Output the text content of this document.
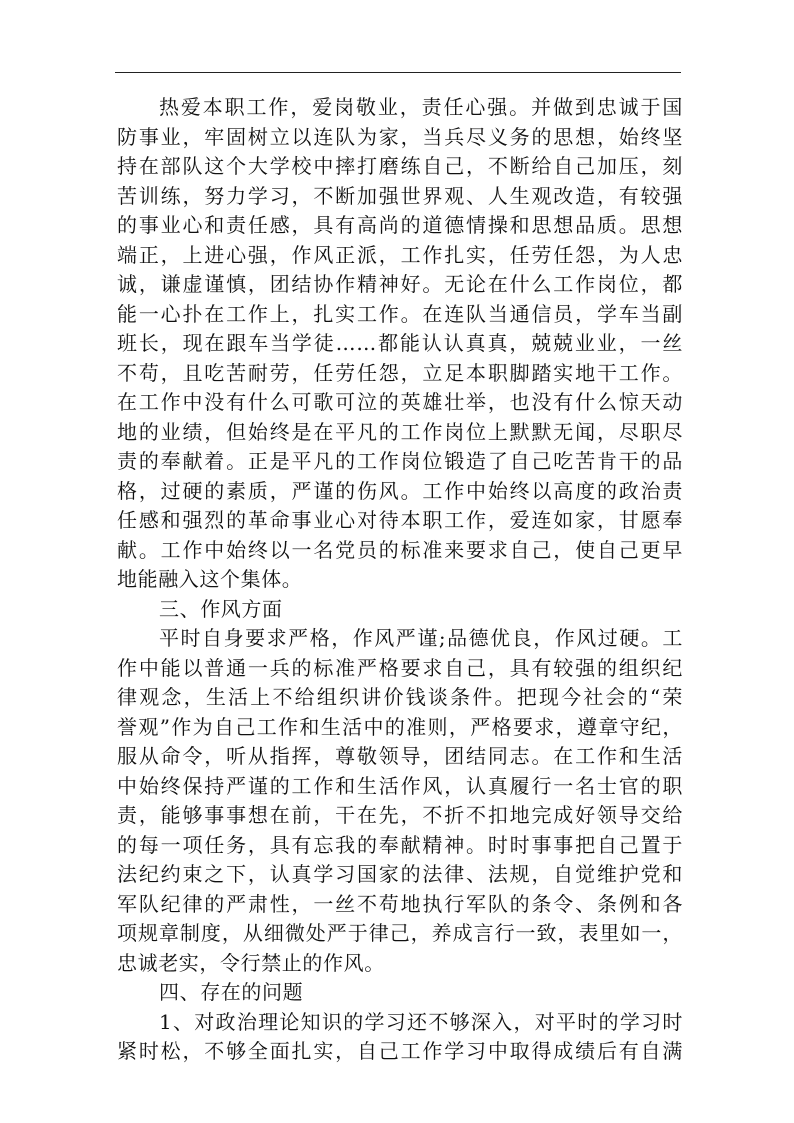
热爱本职工作，爱岗敬业，责任心强。并做到忠诚于国
防事业，牢固树立以连队为家，当兵尽义务的思想，始终坚
持在部队这个大学校中摔打磨练自己，不断给自己加压，刻
苦训练，努力学习，不断加强世界观、人生观改造，有较强
的事业心和责任感，具有高尚的道德情操和思想品质。思想
端正，上进心强，作风正派，工作扎实，任劳任怨，为人忠
诚，谦虚谨慎，团结协作精神好。无论在什么工作岗位，都
能一心扑在工作上，扎实工作。在连队当通信员，学车当副
班长，现在跟车当学徒……都能认认真真，兢兢业业，一丝
不苟，且吃苦耐劳，任劳任怨，立足本职脚踏实地干工作。
在工作中没有什么可歌可泣的英雄壮举，也没有什么惊天动
地的业绩，但始终是在平凡的工作岗位上默默无闻，尽职尽
责的奉献着。正是平凡的工作岗位锻造了自己吃苦肯干的品
格，过硬的素质，严谨的伤风。工作中始终以高度的政治责
任感和强烈的革命事业心对待本职工作，爱连如家，甘愿奉
献。工作中始终以一名党员的标准来要求自己，使自己更早
地能融入这个集体。
三、作风方面
平时自身要求严格，作风严谨;品德优良，作风过硬。工
作中能以普通一兵的标准严格要求自己，具有较强的组织纪
律观念，生活上不给组织讲价钱谈条件。把现今社会的“荣
誉观”作为自己工作和生活中的准则，严格要求，遵章守纪，
服从命令，听从指挥，尊敬领导，团结同志。在工作和生活
中始终保持严谨的工作和生活作风，认真履行一名士官的职
责，能够事事想在前，干在先，不折不扣地完成好领导交给
的每一项任务，具有忘我的奉献精神。时时事事把自己置于
法纪约束之下，认真学习国家的法律、法规，自觉维护党和
军队纪律的严肃性，一丝不苟地执行军队的条令、条例和各
项规章制度，从细微处严于律己，养成言行一致，表里如一，
忠诚老实，令行禁止的作风。
四、存在的问题
1、对政治理论知识的学习还不够深入，对平时的学习时
紧时松，不够全面扎实，自己工作学习中取得成绩后有自满
